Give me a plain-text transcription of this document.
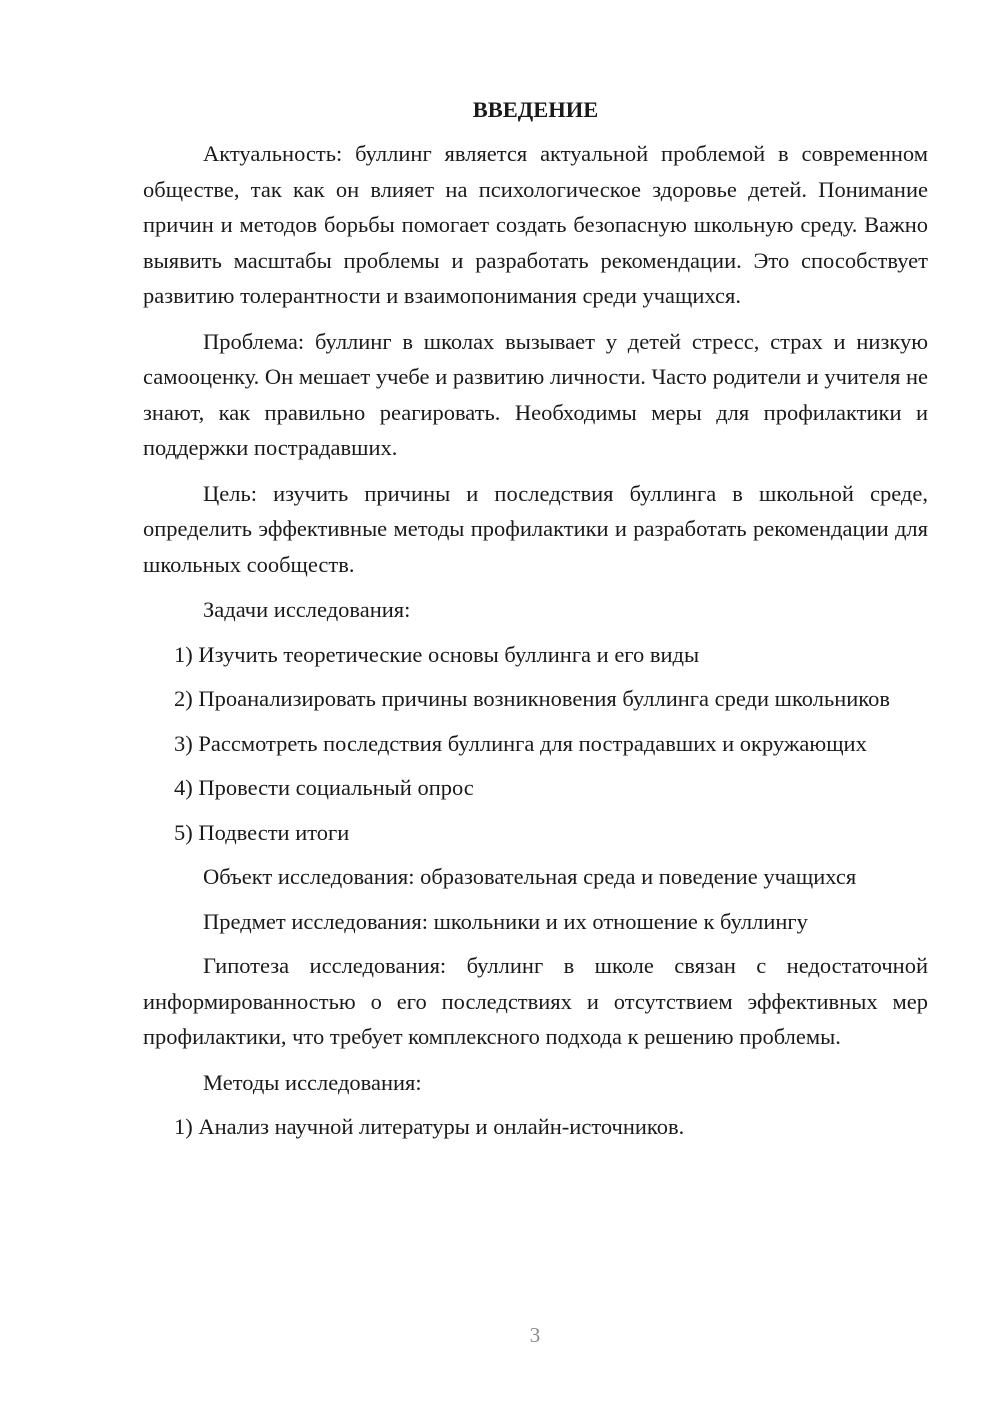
ВВЕДЕНИЕ

Актуальность: буллинг является актуальной проблемой в современном обществе, так как он влияет на психологическое здоровье детей. Понимание причин и методов борьбы помогает создать безопасную школьную среду. Важно выявить масштабы проблемы и разработать рекомендации. Это способствует развитию толерантности и взаимопонимания среди учащихся.

Проблема: буллинг в школах вызывает у детей стресс, страх и низкую самооценку. Он мешает учебе и развитию личности. Часто родители и учителя не знают, как правильно реагировать. Необходимы меры для профилактики и поддержки пострадавших.

Цель: изучить причины и последствия буллинга в школьной среде, определить эффективные методы профилактики и разработать рекомендации для школьных сообществ.

Задачи исследования:

1) Изучить теоретические основы буллинга и его виды

2) Проанализировать причины возникновения буллинга среди школьников

3) Рассмотреть последствия буллинга для пострадавших и окружающих

4) Провести социальный опрос

5) Подвести итоги

Объект исследования: образовательная среда и поведение учащихся

Предмет исследования: школьники и их отношение к буллингу

Гипотеза исследования: буллинг в школе связан с недостаточной информированностью о его последствиях и отсутствием эффективных мер профилактики, что требует комплексного подхода к решению проблемы.

Методы исследования:

1) Анализ научной литературы и онлайн-источников.

3
